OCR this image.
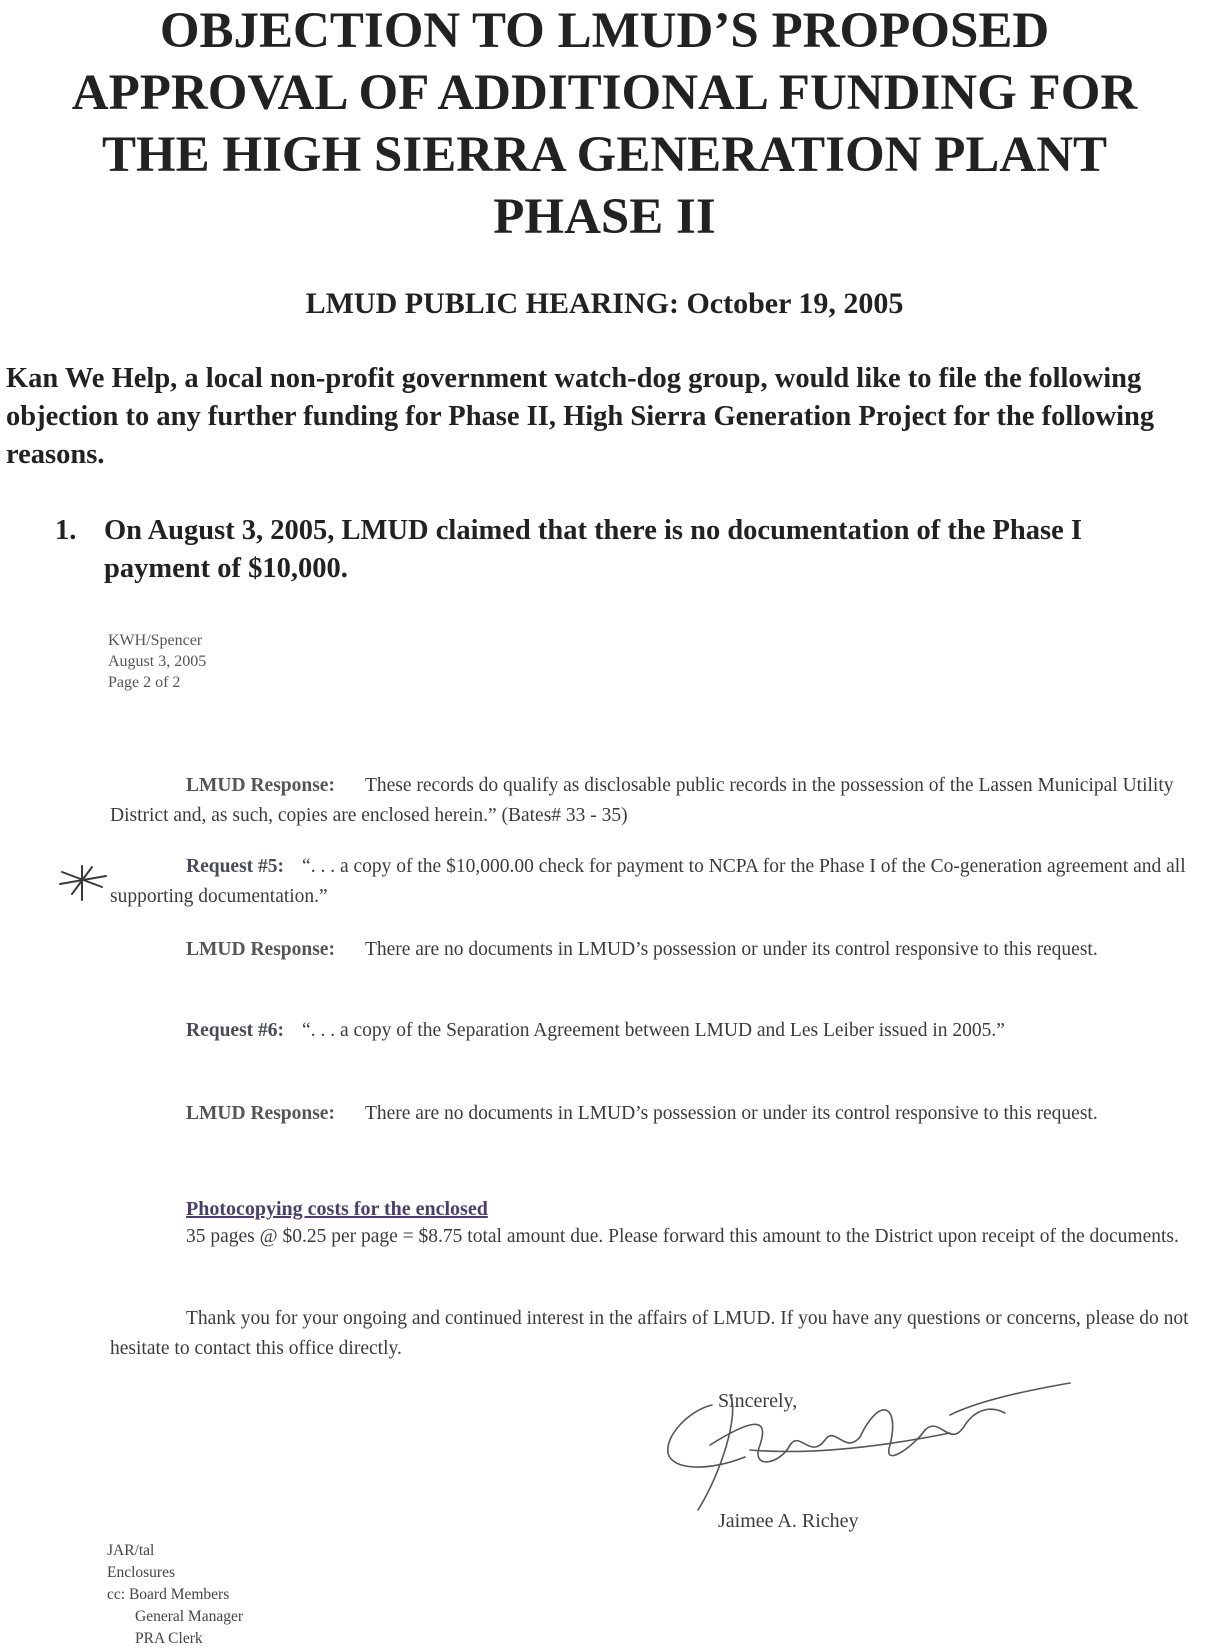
OBJECTION TO LMUD’S PROPOSED
APPROVAL OF ADDITIONAL FUNDING FOR
THE HIGH SIERRA GENERATION PLANT
PHASE II
LMUD PUBLIC HEARING: October 19, 2005
Kan We Help, a local non-profit government watch-dog group, would like to file the following objection to any further funding for Phase II, High Sierra Generation Project for the following reasons.
1. On August 3, 2005, LMUD claimed that there is no documentation of the Phase I payment of $10,000.
KWH/Spencer
August 3, 2005
Page 2 of 2
LMUD Response: These records do qualify as disclosable public records in the possession of the Lassen Municipal Utility District and, as such, copies are enclosed herein.” (Bates# 33 - 35)
Request #5: “. . . a copy of the $10,000.00 check for payment to NCPA for the Phase I of the Co-generation agreement and all supporting documentation.”
LMUD Response: There are no documents in LMUD’s possession or under its control responsive to this request.
Request #6: “. . . a copy of the Separation Agreement between LMUD and Les Leiber issued in 2005.”
LMUD Response: There are no documents in LMUD’s possession or under its control responsive to this request.
Photocopying costs for the enclosed
35 pages @ $0.25 per page = $8.75 total amount due. Please forward this amount to the District upon receipt of the documents.
Thank you for your ongoing and continued interest in the affairs of LMUD. If you have any questions or concerns, please do not hesitate to contact this office directly.
Sincerely,
Jaimee A. Richey
JAR/tal
Enclosures
cc: Board Members
General Manager
PRA Clerk
